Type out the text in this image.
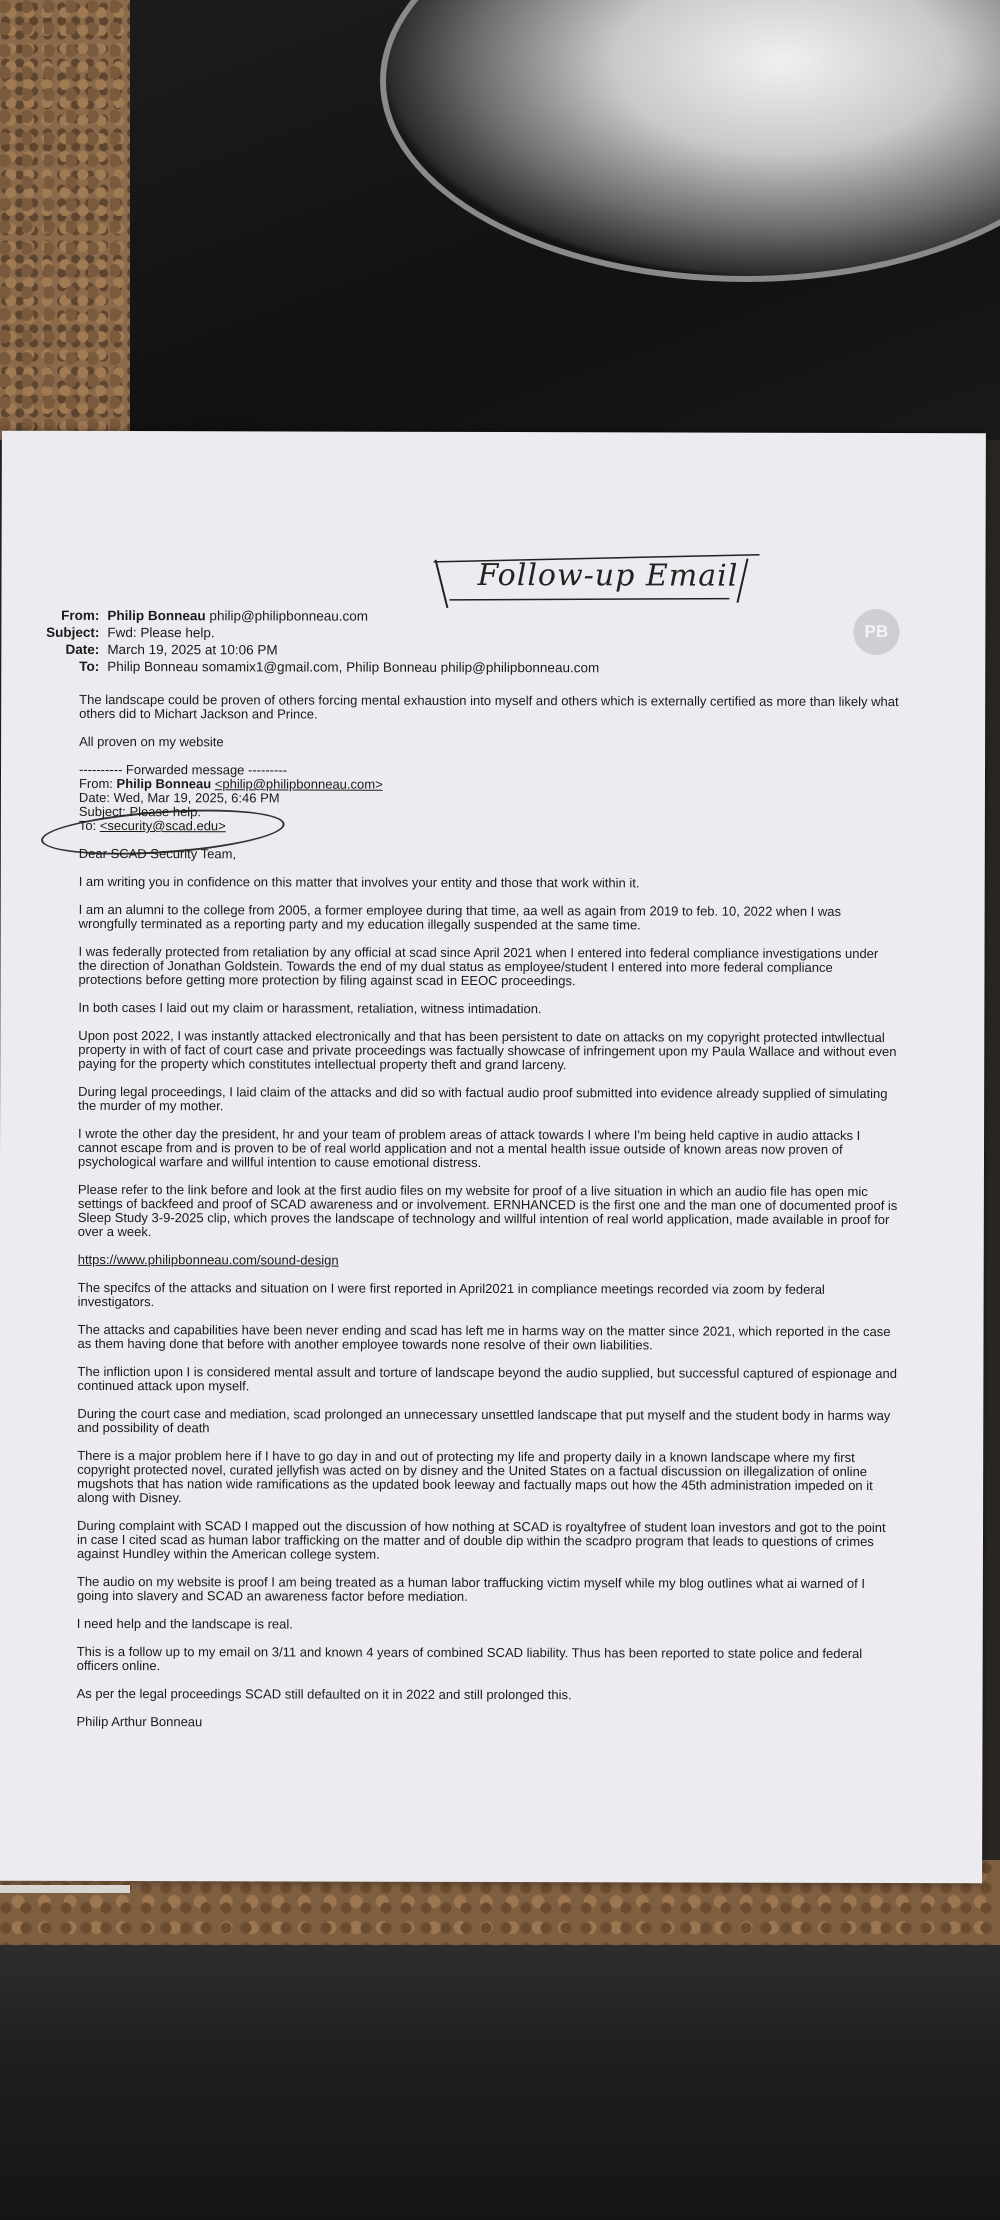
Follow-up Email
PB
From: Philip Bonneau philip@philipbonneau.com
Subject: Fwd: Please help.
Date: March 19, 2025 at 10:06 PM
To: Philip Bonneau somamix1@gmail.com, Philip Bonneau philip@philipbonneau.com

The landscape could be proven of others forcing mental exhaustion into myself and others which is externally certified as more than likely what others did to Michart Jackson and Prince.

All proven on my website

---------- Forwarded message ---------
From: Philip Bonneau <philip@philipbonneau.com>
Date: Wed, Mar 19, 2025, 6:46 PM
Subject: Please help.
To: <security@scad.edu>

Dear SCAD Security Team,

I am writing you in confidence on this matter that involves your entity and those that work within it.

I am an alumni to the college from 2005, a former employee during that time, aa well as again from 2019 to feb. 10, 2022 when I was wrongfully terminated as a reporting party and my education illegally suspended at the same time.

I was federally protected from retaliation by any official at scad since April 2021 when I entered into federal compliance investigations under the direction of Jonathan Goldstein. Towards the end of my dual status as employee/student I entered into more federal compliance protections before getting more protection by filing against scad in EEOC proceedings.

In both cases I laid out my claim or harassment, retaliation, witness intimadation.

Upon post 2022, I was instantly attacked electronically and that has been persistent to date on attacks on my copyright protected intwllectual property in with of fact of court case and private proceedings was factually showcase of infringement upon my Paula Wallace and without even paying for the property which constitutes intellectual property theft and grand larceny.

During legal proceedings, I laid claim of the attacks and did so with factual audio proof submitted into evidence already supplied of simulating the murder of my mother.

I wrote the other day the president, hr and your team of problem areas of attack towards I where I'm being held captive in audio attacks I cannot escape from and is proven to be of real world application and not a mental health issue outside of known areas now proven of psychological warfare and willful intention to cause emotional distress.

Please refer to the link before and look at the first audio files on my website for proof of a live situation in which an audio file has open mic settings of backfeed and proof of SCAD awareness and or involvement. ERNHANCED is the first one and the man one of documented proof is Sleep Study 3-9-2025 clip, which proves the landscape of technology and willful intention of real world application, made available in proof for over a week.

https://www.philipbonneau.com/sound-design

The specifcs of the attacks and situation on I were first reported in April2021 in compliance meetings recorded via zoom by federal investigators.

The attacks and capabilities have been never ending and scad has left me in harms way on the matter since 2021, which reported in the case as them having done that before with another employee towards none resolve of their own liabilities.

The infliction upon I is considered mental assult and torture of landscape beyond the audio supplied, but successful captured of espionage and continued attack upon myself.

During the court case and mediation, scad prolonged an unnecessary unsettled landscape that put myself and the student body in harms way and possibility of death

There is a major problem here if I have to go day in and out of protecting my life and property daily in a known landscape where my first copyright protected novel, curated jellyfish was acted on by disney and the United States on a factual discussion on illegalization of online mugshots that has nation wide ramifications as the updated book leeway and factually maps out how the 45th administration impeded on it along with Disney.

During complaint with SCAD I mapped out the discussion of how nothing at SCAD is royaltyfree of student loan investors and got to the point in case I cited scad as human labor trafficking on the matter and of double dip within the scadpro program that leads to questions of crimes against Hundley within the American college system.

The audio on my website is proof I am being treated as a human labor traffucking victim myself while my blog outlines what ai warned of I going into slavery and SCAD an awareness factor before mediation.

I need help and the landscape is real.

This is a follow up to my email on 3/11 and known 4 years of combined SCAD liability. Thus has been reported to state police and federal officers online.

As per the legal proceedings SCAD still defaulted on it in 2022 and still prolonged this.

Philip Arthur Bonneau
